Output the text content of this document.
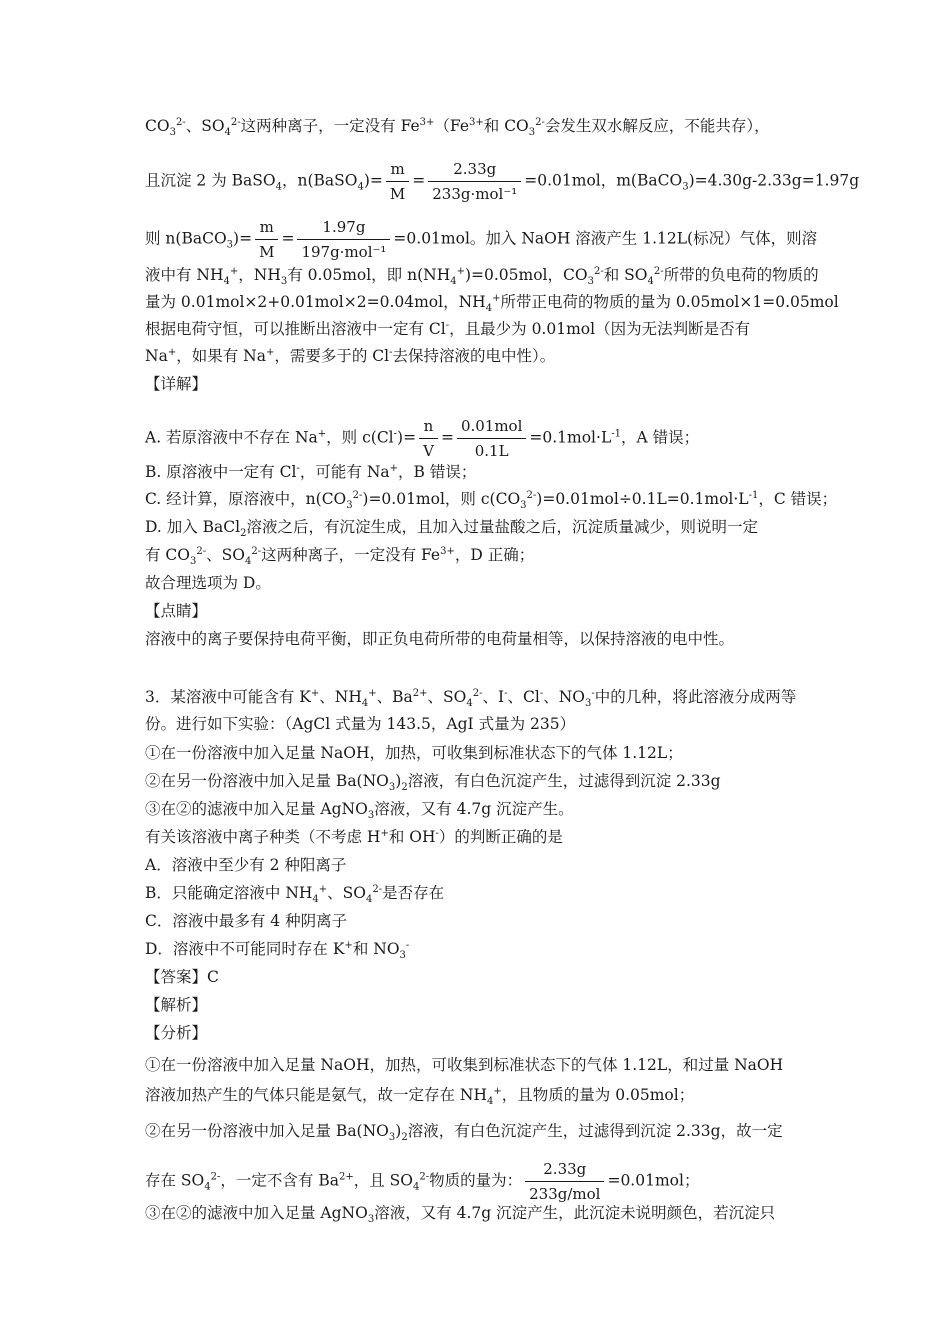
$CO_3^{2-}$、$SO_4^{2-}$这两种离子，一定没有 $Fe^{3+}(Fe^{3+}$和 $CO_3^{2-}$会发生双水解反应，不能共存），
且沉淀 2 为 BaSO$_4$，n(BaSO$_4$)= $\frac{m}{M} = \frac{2.33g}{\text{233g·mol⁻¹}} =0.01mol$，m(BaCO$_3$)=4.30g-2.33g=1.97g
则 n(BaCO$_3$)= $\frac{m}{M} = \frac{1.97g}{\text{197g·mol⁻¹}} =0.01mol$。加入 NaOH 溶液产生 1.12L(标况）气体，则溶
液中有 $NH_4^+$，$NH_3$有 0.05mol，即 $n(NH_4^+)=0.05mol$，$CO_3^{2-}$和 $SO_4^{2-}$所带的负电荷的物质的
量为 0.01mol×2+0.01mol×2=0.04mol，$NH_4^+$所带正电荷的物质的量为 0.05mol×1=0.05mol
根据电荷守恒，可以推断出溶液中一定有 Cl-，且最少为 0.01mol（因为无法判断是否有
Na+，如果有 Na+，需要多于的 Cl-去保持溶液的电中性）。
【详解】
A. 若原溶液中不存在 Na+，则 $c(Cl^-)= \frac{n}{V} = \frac{\text{0.01mol}}{0.1L} =0.1mol\cdot L^{-1}$，A 错误；
B. 原溶液中一定有 Cl-，可能有 Na+，B 错误；
C. 经计算，原溶液中，$n(CO_3^{2-})=0.01mol$，则 $c(CO_3^{2-})=0.01mol\div 0.1L=0.1mol\cdot L^{-1}$，C 错误；
D. 加入 BaCl$_2$溶液之后，有沉淀生成，且加入过量盐酸之后，沉淀质量减少，则说明一定
有 $CO_3^{2-}$、$SO_4^{2-}$这两种离子，一定没有 $Fe^{3+}$，D 正确；
故合理选项为 D。
【点睛】
溶液中的离子要保持电荷平衡，即正负电荷所带的电荷量相等，以保持溶液的电中性。
3．某溶液中可能含有 K+、$NH_4^+$、$Ba^{2+}$、$SO_4^{2-}$、I-、Cl-、$NO_3^-$中的几种，将此溶液分成两等
份。进行如下实验：（AgCl 式量为 143.5，AgI 式量为 235）
①在一份溶液中加入足量 NaOH，加热，可收集到标准状态下的气体 1.12L；
②在另一份溶液中加入足量 $Ba(NO_3)_2$溶液，有白色沉淀产生，过滤得到沉淀 2.33g
③在②的滤液中加入足量 AgNO$_3$溶液，又有 4.7g 沉淀产生。
有关该溶液中离子种类（不考虑 H+和 OH-）的判断正确的是
A．溶液中至少有 2 种阳离子
B．只能确定溶液中 $NH_4^+$、$SO_4^{2-}$是否存在
C．溶液中最多有 4 种阴离子
D．溶液中不可能同时存在 K+和 $NO_3^-$
【答案】C
【解析】
【分析】
①在一份溶液中加入足量 NaOH，加热，可收集到标准状态下的气体 1.12L，和过量 NaOH
溶液加热产生的气体只能是氨气，故一定存在 $NH_4^+$，且物质的量为 0.05mol；
②在另一份溶液中加入足量 $Ba(NO_3)_2$溶液，有白色沉淀产生，过滤得到沉淀 2.33g，故一定
存在 $SO_4^{2-}$，一定不含有 $Ba^{2+}$，且 $SO_4^{2-}$物质的量为： $\frac{2.33g}{\text{233g/mol}} =0.01mol$；
③在②的滤液中加入足量 AgNO$_3$溶液，又有 4.7g 沉淀产生，此沉淀未说明颜色，若沉淀只
